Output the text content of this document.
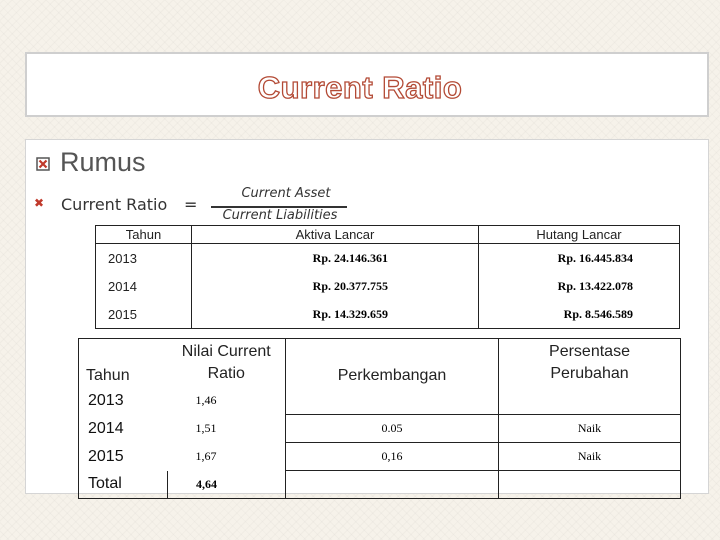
Current Ratio
Rumus
✖ Current Ratio =
Current Asset
Current Liabilities
Tahun	Aktiva Lancar	Hutang Lancar
2013	Rp. 24.146.361	Rp. 16.445.834
2014	Rp. 20.377.755	Rp. 13.422.078
2015	Rp. 14.329.659	Rp. 8.546.589
Tahun	Nilai Current Ratio	Perkembangan	Persentase Perubahan
2013	1,46		
2014	1,51	0.05	Naik
2015	1,67	0,16	Naik
Total	4,64		
